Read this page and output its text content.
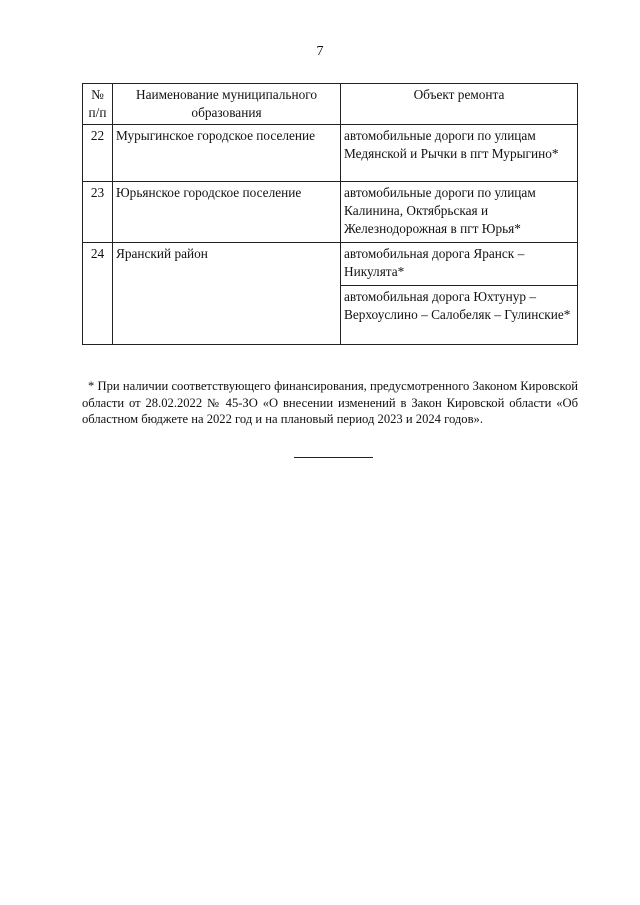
7
№ п/п	Наименование муниципального образования	Объект ремонта
22	Мурыгинское городское поселение	автомобильные дороги по улицам Медянской и Рычки в пгт Мурыгино*
23	Юрьянское городское поселение	автомобильные дороги по улицам Калинина, Октябрьская и Железнодорожная в пгт Юрья*
24	Яранский район	автомобильная дорога Яранск – Никулята*
		автомобильная дорога Юхтунур – Верхоуслино – Салобеляк – Гулинские*
* При наличии соответствующего финансирования, предусмотренного Законом Кировской области от 28.02.2022 № 45-ЗО «О внесении изменений в Закон Кировской области «Об областном бюджете на 2022 год и на плановый период 2023 и 2024 годов».
